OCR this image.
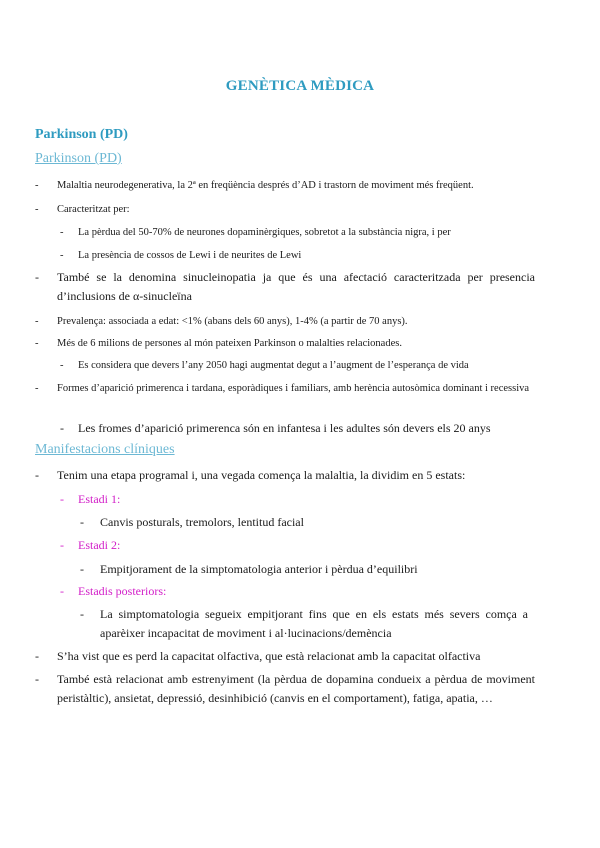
GENÈTICA MÈDICA
Parkinson (PD)
Parkinson (PD)
- Malaltia neurodegenerativa, la 2ª en freqüència després d’AD i trastorn de moviment més freqüent.
- Caracteritzat per:
- La pèrdua del 50-70% de neurones dopaminèrgiques, sobretot a la substància nigra, i per
- La presència de cossos de Lewi i de neurites de Lewi
- També se la denomina sinucleinopatia ja que és una afectació caracteritzada per presencia d’inclusions de α-sinucleïna
- Prevalença: associada a edat: <1% (abans dels 60 anys), 1-4% (a partir de 70 anys).
- Més de 6 milions de persones al món pateixen Parkinson o malalties relacionades.
- Es considera que devers l’any 2050 hagi augmentat degut a l’augment de l’esperança de vida
- Formes d’aparició primerenca i tardana, esporàdiques i familiars, amb herència autosòmica dominant i recessiva
- Les fromes d’aparició primerenca són en infantesa i les adultes són devers els 20 anys
Manifestacions clíniques
- Tenim una etapa programal i, una vegada comença la malaltia, la dividim en 5 estats:
- Estadi 1:
- Canvis posturals, tremolors, lentitud facial
- Estadi 2:
- Empitjorament de la simptomatologia anterior i pèrdua d’equilibri
- Estadis posteriors:
- La simptomatologia segueix empitjorant fins que en els estats més severs comça a aparèixer incapacitat de moviment i al·lucinacions/demència
- S’ha vist que es perd la capacitat olfactiva, que està relacionat amb la capacitat olfactiva
- També està relacionat amb estrenyiment (la pèrdua de dopamina condueix a pèrdua de moviment peristàltic), ansietat, depressió, desinhibició (canvis en el comportament), fatiga, apatia, …
